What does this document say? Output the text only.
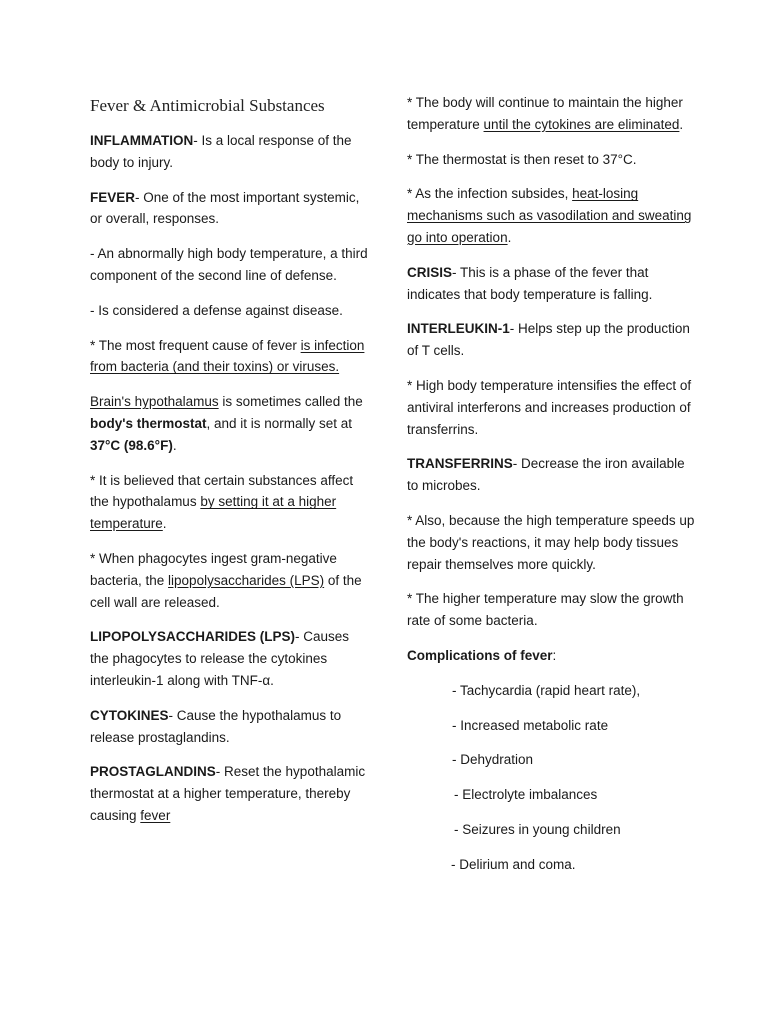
Fever & Antimicrobial Substances

INFLAMMATION- Is a local response of the body to injury.

FEVER- One of the most important systemic, or overall, responses.

- An abnormally high body temperature, a third component of the second line of defense.

- Is considered a defense against disease.

* The most frequent cause of fever is infection from bacteria (and their toxins) or viruses.

Brain's hypothalamus is sometimes called the body's thermostat, and it is normally set at 37°C (98.6°F).

* It is believed that certain substances affect the hypothalamus by setting it at a higher temperature.

* When phagocytes ingest gram-negative bacteria, the lipopolysaccharides (LPS) of the cell wall are released.

LIPOPOLYSACCHARIDES (LPS)- Causes the phagocytes to release the cytokines interleukin-1 along with TNF-α.

CYTOKINES- Cause the hypothalamus to release prostaglandins.

PROSTAGLANDINS- Reset the hypothalamic thermostat at a higher temperature, thereby causing fever

* The body will continue to maintain the higher temperature until the cytokines are eliminated.

* The thermostat is then reset to 37°C.

* As the infection subsides, heat-losing mechanisms such as vasodilation and sweating go into operation.

CRISIS- This is a phase of the fever that indicates that body temperature is falling.

INTERLEUKIN-1- Helps step up the production of T cells.

* High body temperature intensifies the effect of antiviral interferons and increases production of transferrins.

TRANSFERRINS- Decrease the iron available to microbes.

* Also, because the high temperature speeds up the body's reactions, it may help body tissues repair themselves more quickly.

* The higher temperature may slow the growth rate of some bacteria.

Complications of fever:

- Tachycardia (rapid heart rate),
- Increased metabolic rate
- Dehydration
- Electrolyte imbalances
- Seizures in young children
- Delirium and coma.
